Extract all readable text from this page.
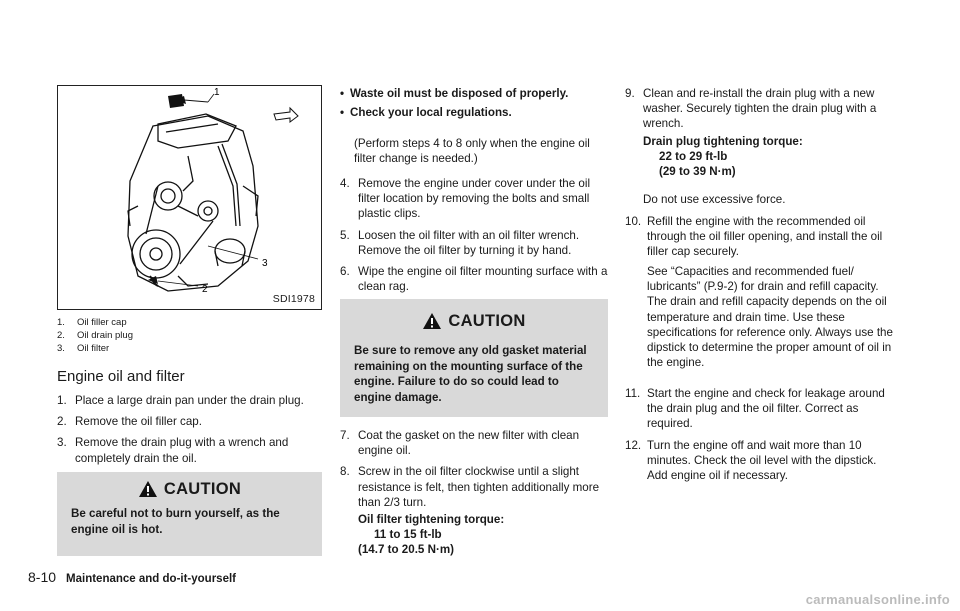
1
3
2
SDI1978
1.	Oil filler cap
2.	Oil drain plug
3.	Oil filter
Engine oil and filter
1. Place a large drain pan under the drain plug.
2. Remove the oil filler cap.
3. Remove the drain plug with a wrench and completely drain the oil.
CAUTION
Be careful not to burn yourself, as the engine oil is hot.
• Waste oil must be disposed of properly.
• Check your local regulations.
(Perform steps 4 to 8 only when the engine oil filter change is needed.)
4. Remove the engine under cover under the oil filter location by removing the bolts and small plastic clips.
5. Loosen the oil filter with an oil filter wrench. Remove the oil filter by turning it by hand.
6. Wipe the engine oil filter mounting surface with a clean rag.
CAUTION
Be sure to remove any old gasket material remaining on the mounting surface of the engine. Failure to do so could lead to engine damage.
7. Coat the gasket on the new filter with clean engine oil.
8. Screw in the oil filter clockwise until a slight resistance is felt, then tighten additionally more than 2/3 turn.
Oil filter tightening torque:
11 to 15 ft-lb
(14.7 to 20.5 N·m)
9. Clean and re-install the drain plug with a new washer. Securely tighten the drain plug with a wrench.
Drain plug tightening torque:
22 to 29 ft-lb
(29 to 39 N·m)
Do not use excessive force.
10. Refill the engine with the recommended oil through the oil filler opening, and install the oil filler cap securely.
See “Capacities and recommended fuel/ lubricants” (P.9-2) for drain and refill capacity. The drain and refill capacity depends on the oil temperature and drain time. Use these specifications for reference only. Always use the dipstick to determine the proper amount of oil in the engine.
11. Start the engine and check for leakage around the drain plug and the oil filter. Correct as required.
12. Turn the engine off and wait more than 10 minutes. Check the oil level with the dipstick. Add engine oil if necessary.
8-10 Maintenance and do-it-yourself
carmanualsonline.info
